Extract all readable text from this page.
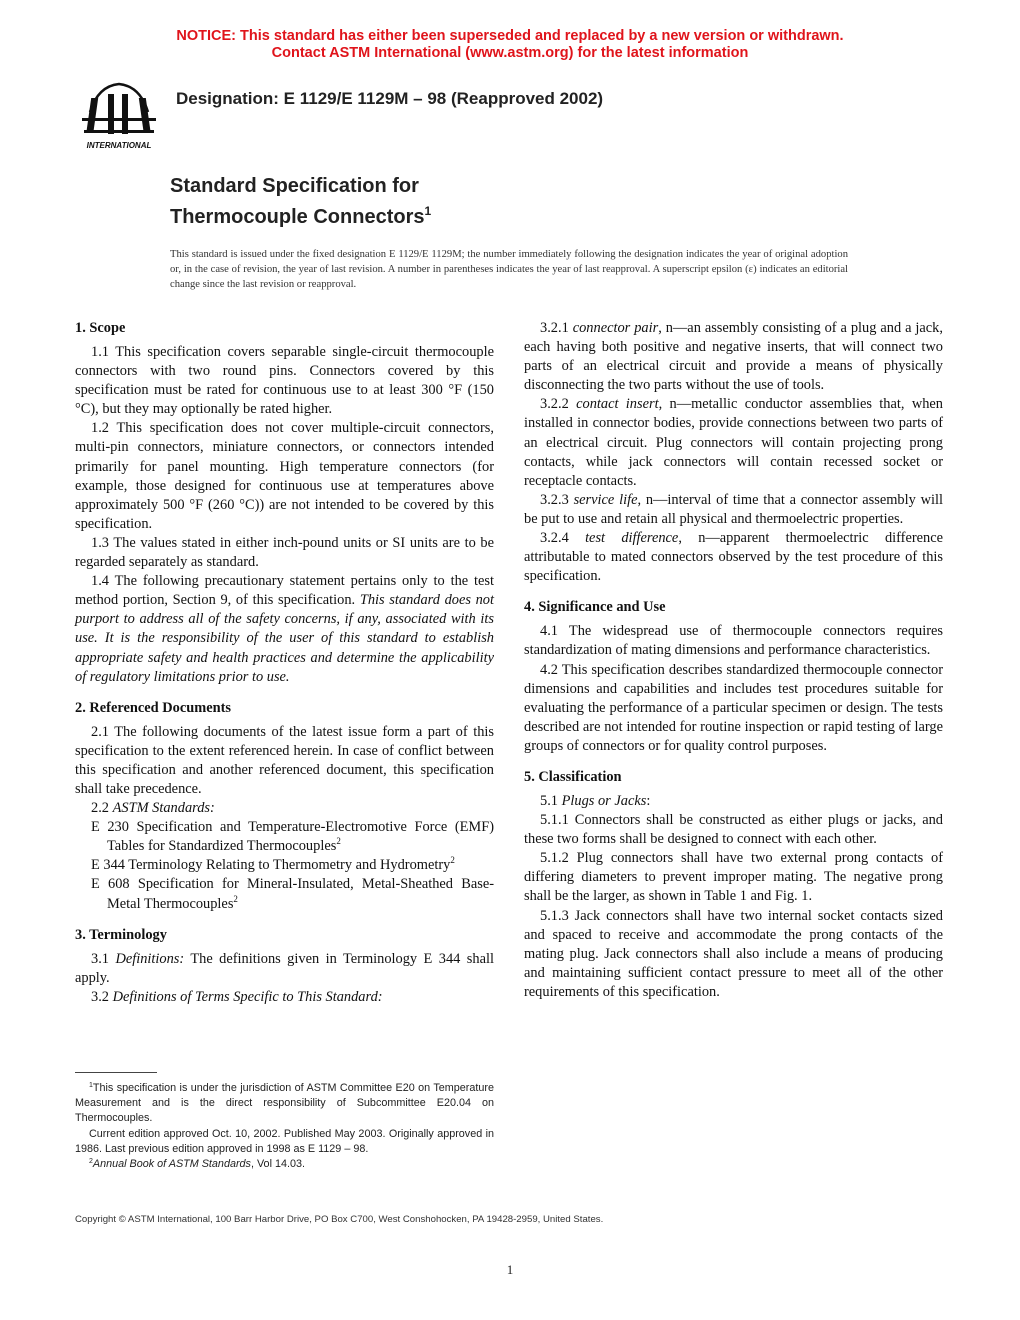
NOTICE: This standard has either been superseded and replaced by a new version or withdrawn.
Contact ASTM International (www.astm.org) for the latest information
INTERNATIONAL
Designation: E 1129/E 1129M – 98 (Reapproved 2002)
Standard Specification for
Thermocouple Connectors$^1$
This standard is issued under the fixed designation E 1129/E 1129M; the number immediately following the designation indicates the year of original adoption or, in the case of revision, the year of last revision. A number in parentheses indicates the year of last reapproval. A superscript epsilon (ε) indicates an editorial change since the last revision or reapproval.
1. Scope

1.1 This specification covers separable single-circuit thermocouple connectors with two round pins. Connectors covered by this specification must be rated for continuous use to at least 300 °F (150 °C), but they may optionally be rated higher.

1.2 This specification does not cover multiple-circuit connectors, multi-pin connectors, miniature connectors, or connectors intended primarily for panel mounting. High temperature connectors (for example, those designed for continuous use at temperatures above approximately 500 °F (260 °C)) are not intended to be covered by this specification.

1.3 The values stated in either inch-pound units or SI units are to be regarded separately as standard.

1.4 The following precautionary statement pertains only to the test method portion, Section 9, of this specification. This standard does not purport to address all of the safety concerns, if any, associated with its use. It is the responsibility of the user of this standard to establish appropriate safety and health practices and determine the applicability of regulatory limitations prior to use.

2. Referenced Documents

2.1 The following documents of the latest issue form a part of this specification to the extent referenced herein. In case of conflict between this specification and another referenced document, this specification shall take precedence.

2.2 ASTM Standards:

E 230 Specification and Temperature-Electromotive Force (EMF) Tables for Standardized Thermocouples$^2$

E 344 Terminology Relating to Thermometry and Hydrometry$^2$

E 608 Specification for Mineral-Insulated, Metal-Sheathed Base-Metal Thermocouples$^2$

3. Terminology

3.1 Definitions: The definitions given in Terminology E 344 shall apply.

3.2 Definitions of Terms Specific to This Standard:

3.2.1 connector pair, n—an assembly consisting of a plug and a jack, each having both positive and negative inserts, that will connect two parts of an electrical circuit and provide a means of physically disconnecting the two parts without the use of tools.

3.2.2 contact insert, n—metallic conductor assemblies that, when installed in connector bodies, provide connections between two parts of an electrical circuit. Plug connectors will contain projecting prong contacts, while jack connectors will contain recessed socket or receptacle contacts.

3.2.3 service life, n—interval of time that a connector assembly will be put to use and retain all physical and thermoelectric properties.

3.2.4 test difference, n—apparent thermoelectric difference attributable to mated connectors observed by the test procedure of this specification.

4. Significance and Use

4.1 The widespread use of thermocouple connectors requires standardization of mating dimensions and performance characteristics.

4.2 This specification describes standardized thermocouple connector dimensions and capabilities and includes test procedures suitable for evaluating the performance of a particular specimen or design. The tests described are not intended for routine inspection or rapid testing of large groups of connectors or for quality control purposes.

5. Classification

5.1 Plugs or Jacks:

5.1.1 Connectors shall be constructed as either plugs or jacks, and these two forms shall be designed to connect with each other.

5.1.2 Plug connectors shall have two external prong contacts of differing diameters to prevent improper mating. The negative prong shall be the larger, as shown in Table 1 and Fig. 1.

5.1.3 Jack connectors shall have two internal socket contacts sized and spaced to receive and accommodate the prong contacts of the mating plug. Jack connectors shall also include a means of producing and maintaining sufficient contact pressure to meet all of the other requirements of this specification.

$^1$This specification is under the jurisdiction of ASTM Committee E20 on Temperature Measurement and is the direct responsibility of Subcommittee E20.04 on Thermocouples.

Current edition approved Oct. 10, 2002. Published May 2003. Originally approved in 1986. Last previous edition approved in 1998 as E 1129 – 98.

$^2$Annual Book of ASTM Standards, Vol 14.03.

Copyright © ASTM International, 100 Barr Harbor Drive, PO Box C700, West Conshohocken, PA 19428-2959, United States.
1
